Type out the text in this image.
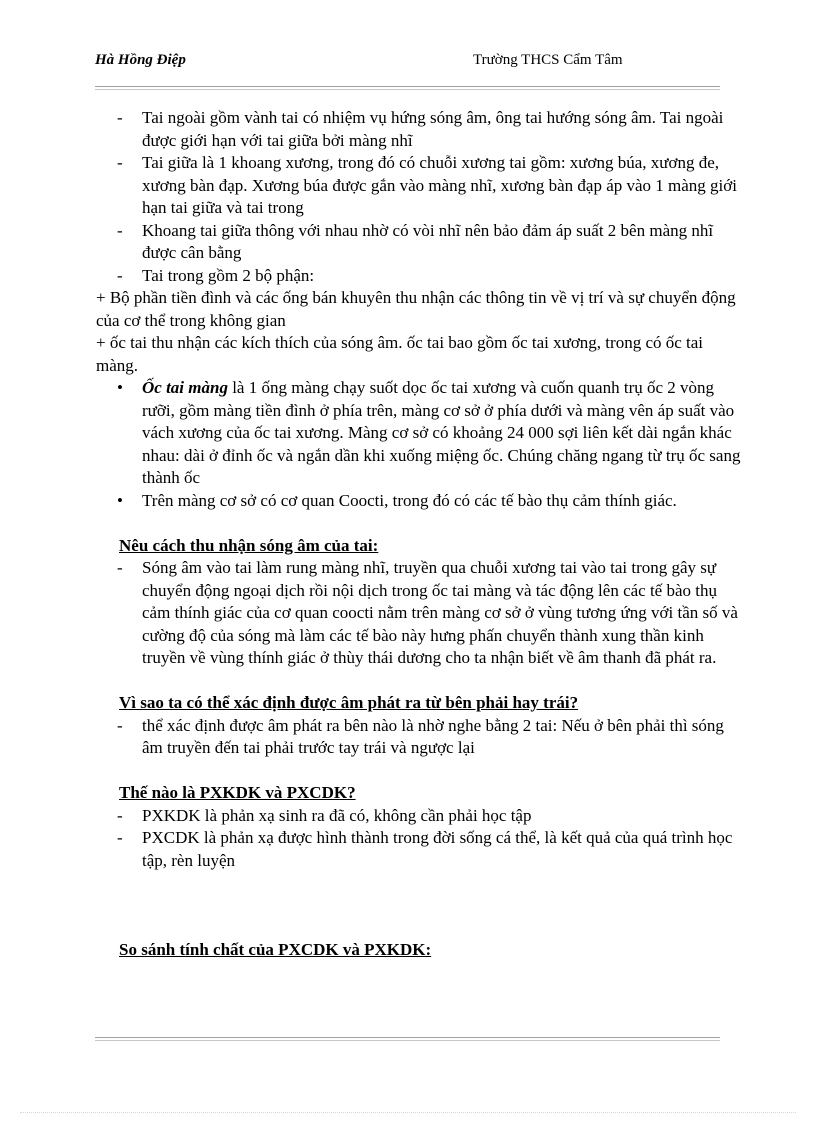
Hà Hồng Điệp	Trường THCS Cẩm Tâm
- Tai ngoài gồm vành tai có nhiệm vụ hứng sóng âm, ông tai hướng sóng âm. Tai ngoài được giới hạn với tai giữa bởi màng nhĩ
- Tai giữa là 1 khoang xương, trong đó có chuỗi xương tai gồm: xương búa, xương đe, xương bàn đạp. Xương búa được gắn vào màng nhĩ, xương bàn đạp áp vào 1 màng giới hạn tai giữa và tai trong
- Khoang tai giữa thông với nhau nhờ có vòi nhĩ nên bảo đảm áp suất 2 bên màng nhĩ được cân bằng
- Tai trong gồm 2 bộ phận:
+ Bộ phần tiền đình và các ống bán khuyên thu nhận các thông tin về vị trí và sự chuyển động của cơ thể trong không gian
+ ốc tai thu nhận các kích thích của sóng âm. ốc tai bao gồm ốc tai xương, trong có ốc tai màng.
• Ốc tai màng là 1 ống màng chạy suốt dọc ốc tai xương và cuốn quanh trụ ốc 2 vòng rưỡi, gồm màng tiền đình ở phía trên, màng cơ sở ở phía dưới và màng vên áp suất vào vách xương của ốc tai xương. Màng cơ sở có khoảng 24 000 sợi liên kết dài ngắn khác nhau: dài ở đỉnh ốc và ngắn dần khi xuống miệng ốc. Chúng chăng ngang từ trụ ốc sang thành ốc
• Trên màng cơ sở có cơ quan Coocti, trong đó có các tế bào thụ cảm thính giác.
Nêu cách thu nhận sóng âm của tai:
- Sóng âm vào tai làm rung màng nhĩ, truyền qua chuỗi xương tai vào tai trong gây sự chuyển động ngoại dịch rồi nội dịch trong ốc tai màng và tác động lên các tế bào thụ cảm thính giác của cơ quan coocti nằm trên màng cơ sở ở vùng tương ứng với tần số và cường độ của sóng mà làm các tế bào này hưng phấn chuyển thành xung thần kinh truyền về vùng thính giác ở thùy thái dương cho ta nhận biết về âm thanh đã phát ra.
Vì sao ta có thể xác định được âm phát ra từ bên phải hay trái?
- thể xác định được âm phát ra bên nào là nhờ nghe bằng 2 tai: Nếu ở bên phải thì sóng âm truyền đến tai phải trước tay trái và ngược lại
Thế nào là PXKDK và PXCDK?
- PXKDK là phản xạ sinh ra đã có, không cần phải học tập
- PXCDK là phản xạ được hình thành trong đời sống cá thể, là kết quả của quá trình học tập, rèn luyện
So sánh tính chất của PXCDK và PXKDK:
